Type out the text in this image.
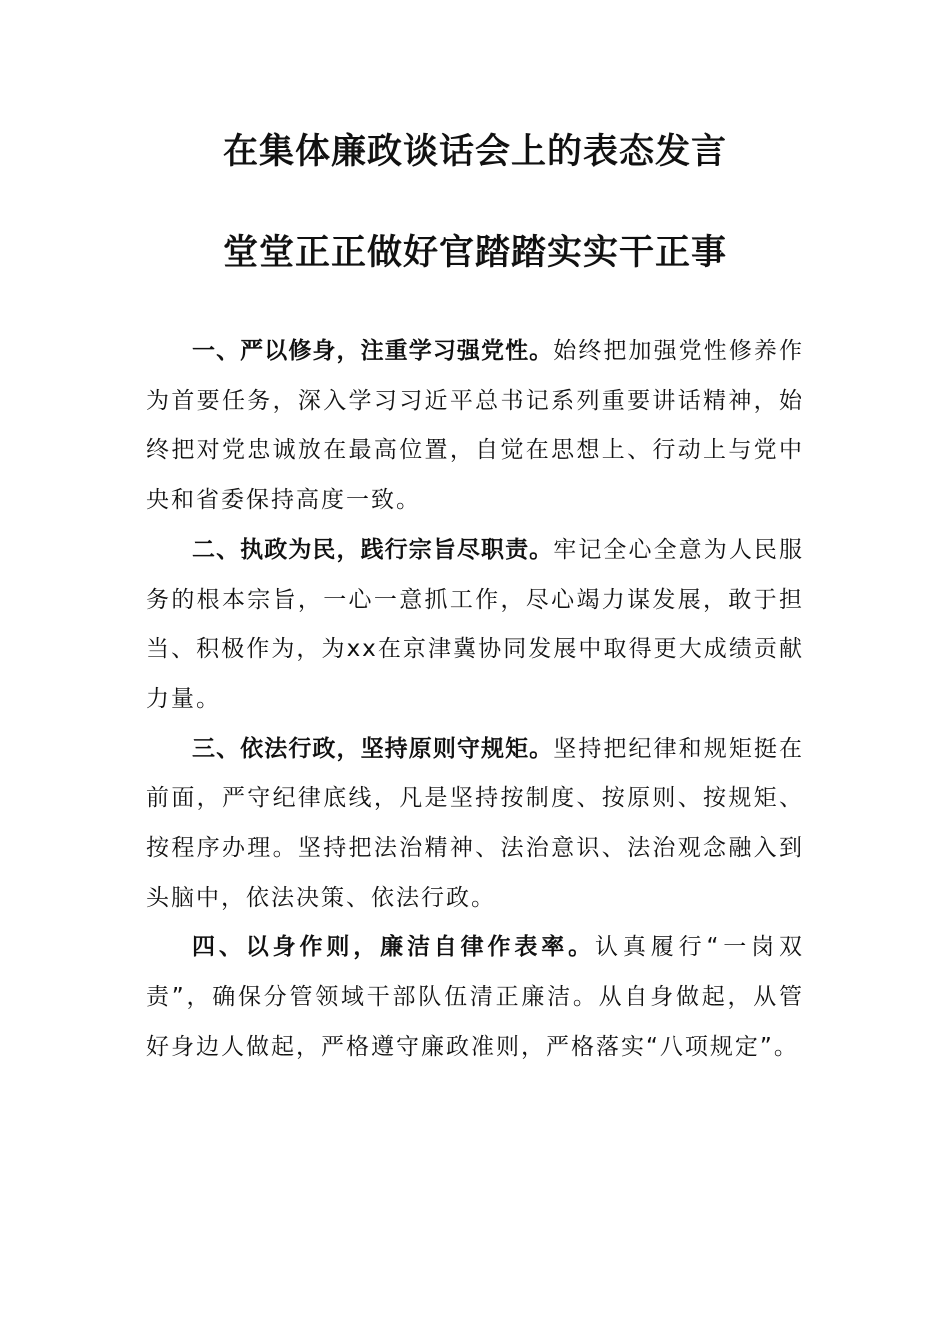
在集体廉政谈话会上的表态发言
堂堂正正做好官踏踏实实干正事

一、严以修身，注重学习强党性。始终把加强党性修养作为首要任务，深入学习习近平总书记系列重要讲话精神，始终把对党忠诚放在最高位置，自觉在思想上、行动上与党中央和省委保持高度一致。

二、执政为民，践行宗旨尽职责。牢记全心全意为人民服务的根本宗旨，一心一意抓工作，尽心竭力谋发展，敢于担当、积极作为，为xx在京津冀协同发展中取得更大成绩贡献力量。

三、依法行政，坚持原则守规矩。坚持把纪律和规矩挺在前面，严守纪律底线，凡是坚持按制度、按原则、按规矩、按程序办理。坚持把法治精神、法治意识、法治观念融入到头脑中，依法决策、依法行政。

四、以身作则，廉洁自律作表率。认真履行“一岗双责”，确保分管领域干部队伍清正廉洁。从自身做起，从管好身边人做起，严格遵守廉政准则，严格落实“八项规定”。
